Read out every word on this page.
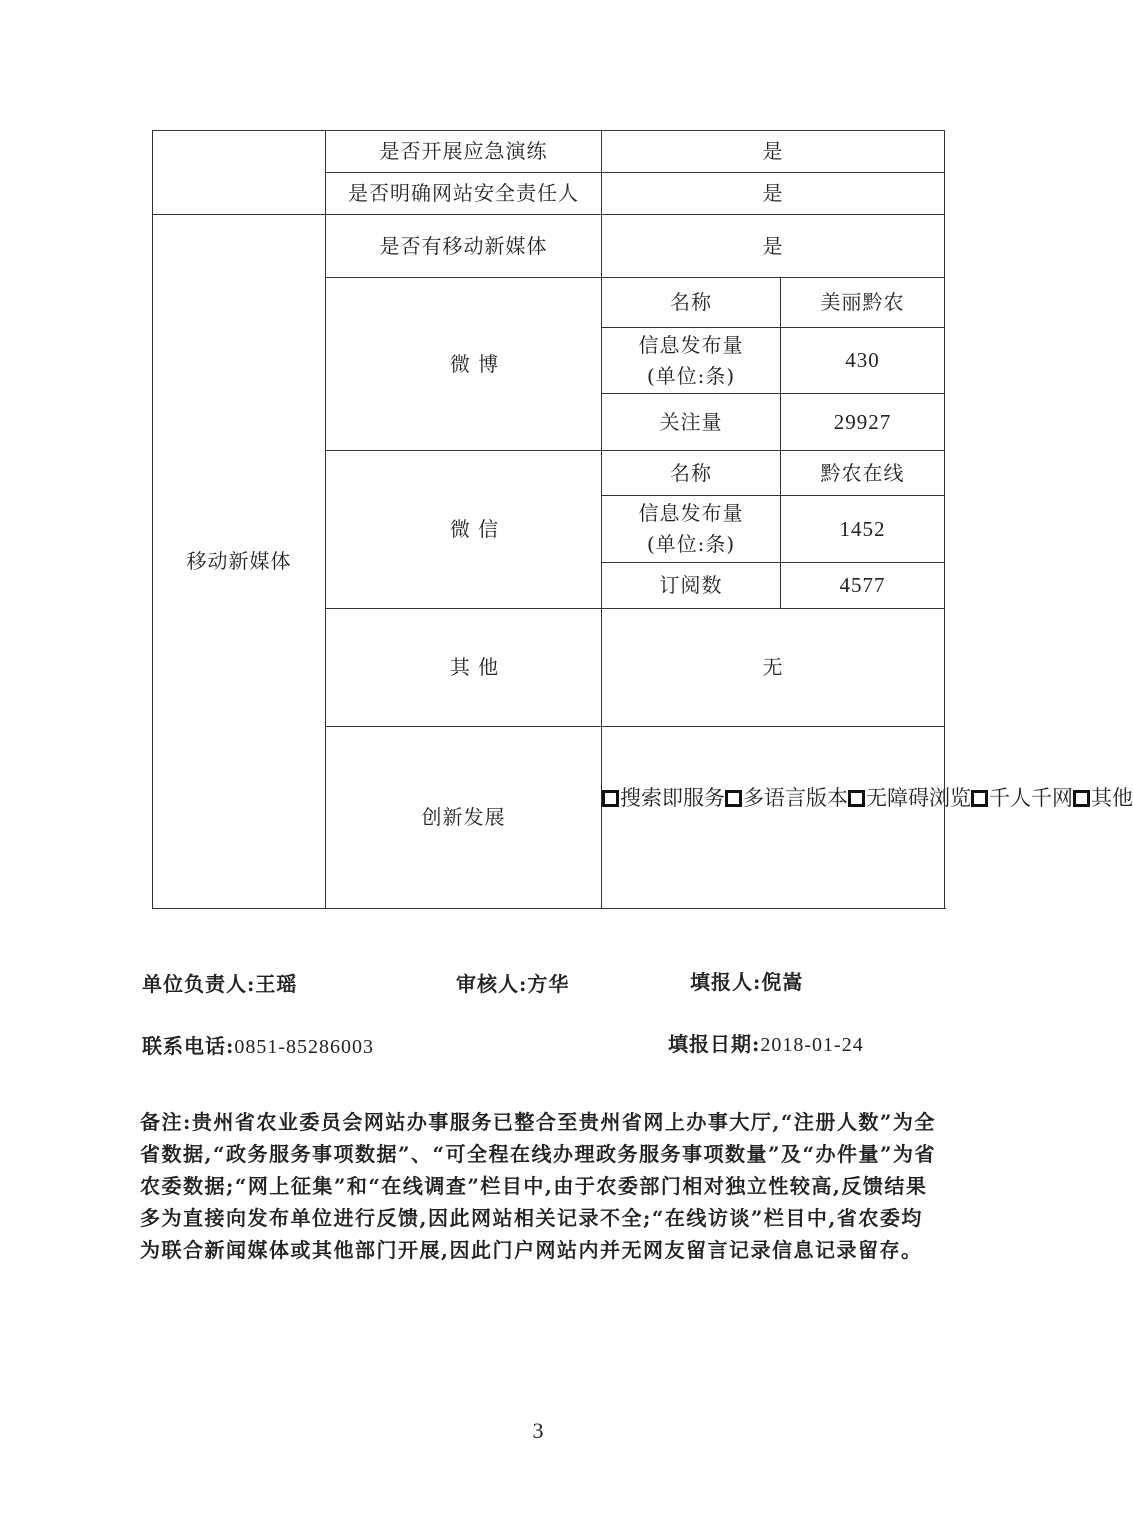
	是否开展应急演练	是	
	是否明确网站安全责任人	是	
移动新媒体	是否有移动新媒体	是	
	微 博	名称	美丽黔农

		信息发布量
(单位:条)	430
		关注量	29927
	微 信	名称	黔农在线

		信息发布量
(单位:条)	1452
		订阅数	4577
	其 他	无	
	创新发展	搜索即服务 多语言版本 无障碍浏览 千人千网 其他	
单位负责人:王瑶	审核人:方华	填报人:倪嵩
联系电话:0851-85286003	填报日期:2018-01-24
备注:贵州省农业委员会网站办事服务已整合至贵州省网上办事大厅,“注册人数”为全省数据,“政务服务事项数据”、“可全程在线办理政务服务事项数量”及“办件量”为省农委数据;“网上征集”和“在线调查”栏目中,由于农委部门相对独立性较高,反馈结果多为直接向发布单位进行反馈,因此网站相关记录不全;“在线访谈”栏目中,省农委均为联合新闻媒体或其他部门开展,因此门户网站内并无网友留言记录信息记录留存。
3
